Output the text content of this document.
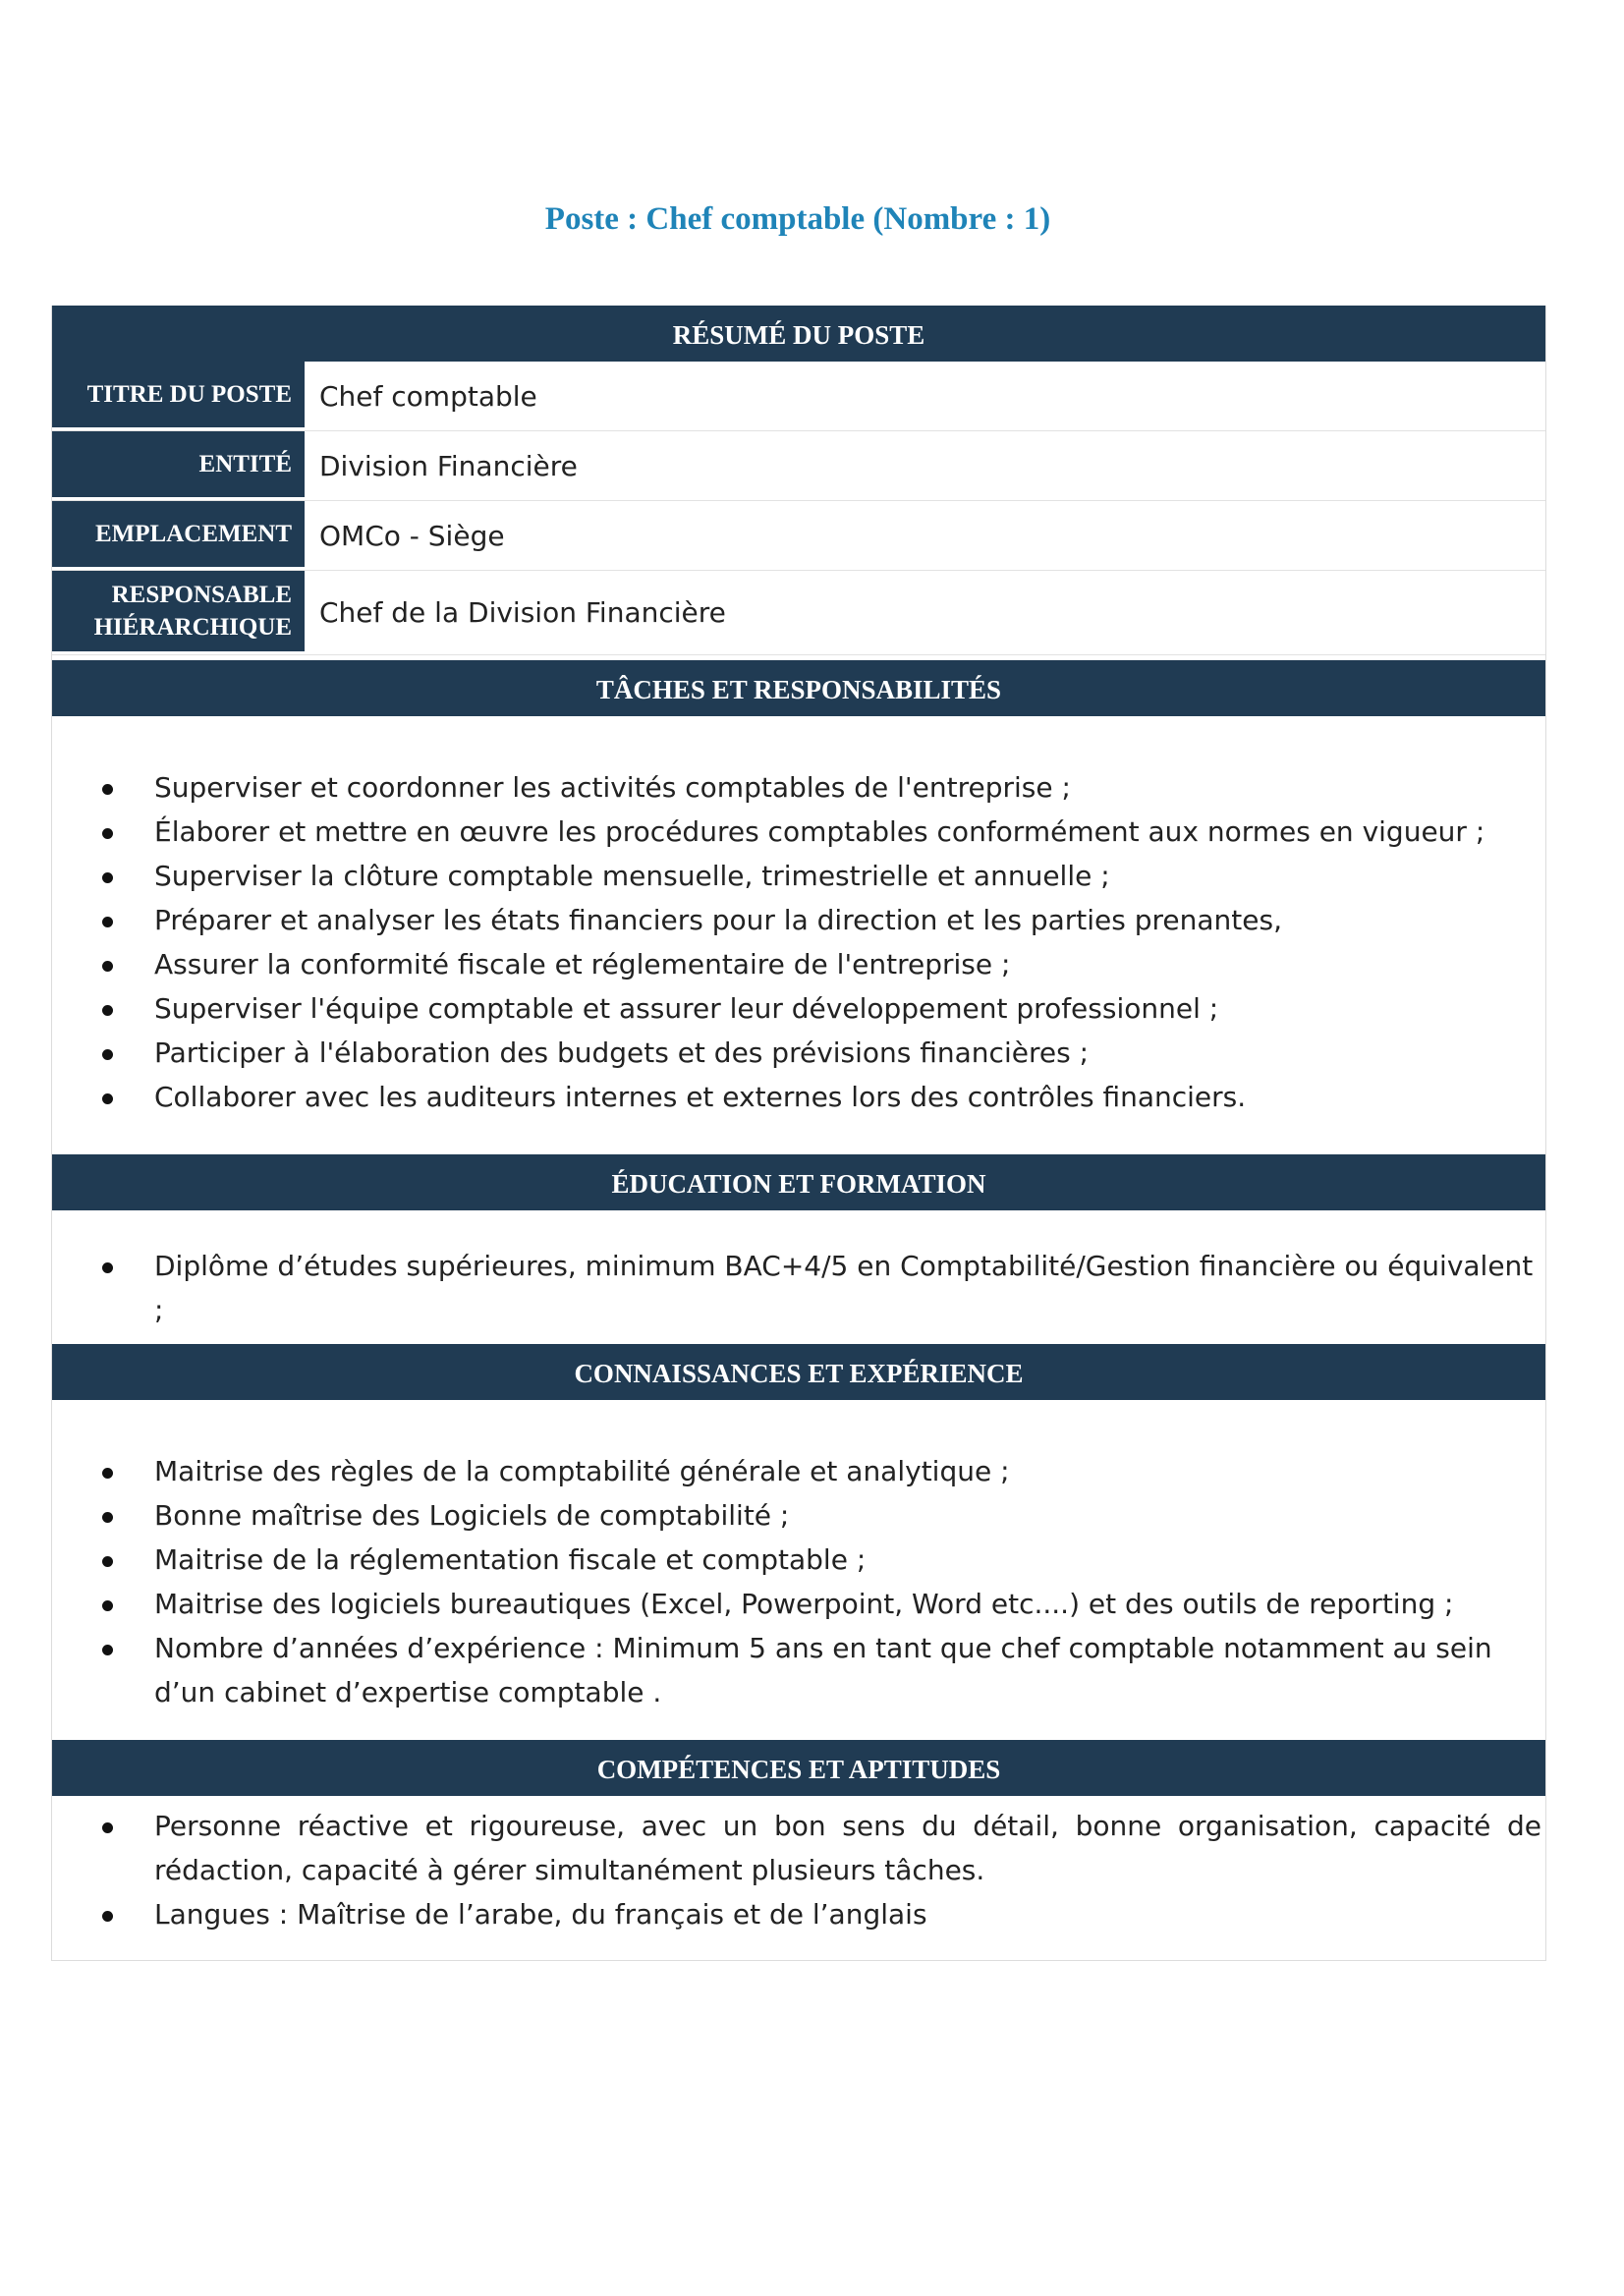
Poste : Chef comptable (Nombre : 1)
RÉSUMÉ DU POSTE
TITRE DU POSTE	Chef comptable
ENTITÉ	Division Financière
EMPLACEMENT	OMCo - Siège
RESPONSABLE HIÉRARCHIQUE	Chef de la Division Financière
TÂCHES ET RESPONSABILITÉS
Superviser et coordonner les activités comptables de l'entreprise ;
Élaborer et mettre en œuvre les procédures comptables conformément aux normes en vigueur ;
Superviser la clôture comptable mensuelle, trimestrielle et annuelle ;
Préparer et analyser les états financiers pour la direction et les parties prenantes,
Assurer la conformité fiscale et réglementaire de l'entreprise ;
Superviser l'équipe comptable et assurer leur développement professionnel ;
Participer à l'élaboration des budgets et des prévisions financières ;
Collaborer avec les auditeurs internes et externes lors des contrôles financiers.
ÉDUCATION ET FORMATION
Diplôme d’études supérieures, minimum BAC+4/5 en Comptabilité/Gestion financière ou équivalent ;
CONNAISSANCES ET EXPÉRIENCE
Maitrise des règles de la comptabilité générale et analytique ;
Bonne maîtrise des Logiciels de comptabilité ;
Maitrise de la réglementation fiscale et comptable ;
Maitrise des logiciels bureautiques (Excel, Powerpoint, Word etc....) et des outils de reporting ;
Nombre d’années d’expérience : Minimum 5 ans en tant que chef comptable notamment au sein d’un cabinet d’expertise comptable .
COMPÉTENCES ET APTITUDES
Personne réactive et rigoureuse, avec un bon sens du détail, bonne organisation, capacité de rédaction, capacité à gérer simultanément plusieurs tâches.
Langues : Maîtrise de l’arabe, du français et de l’anglais
